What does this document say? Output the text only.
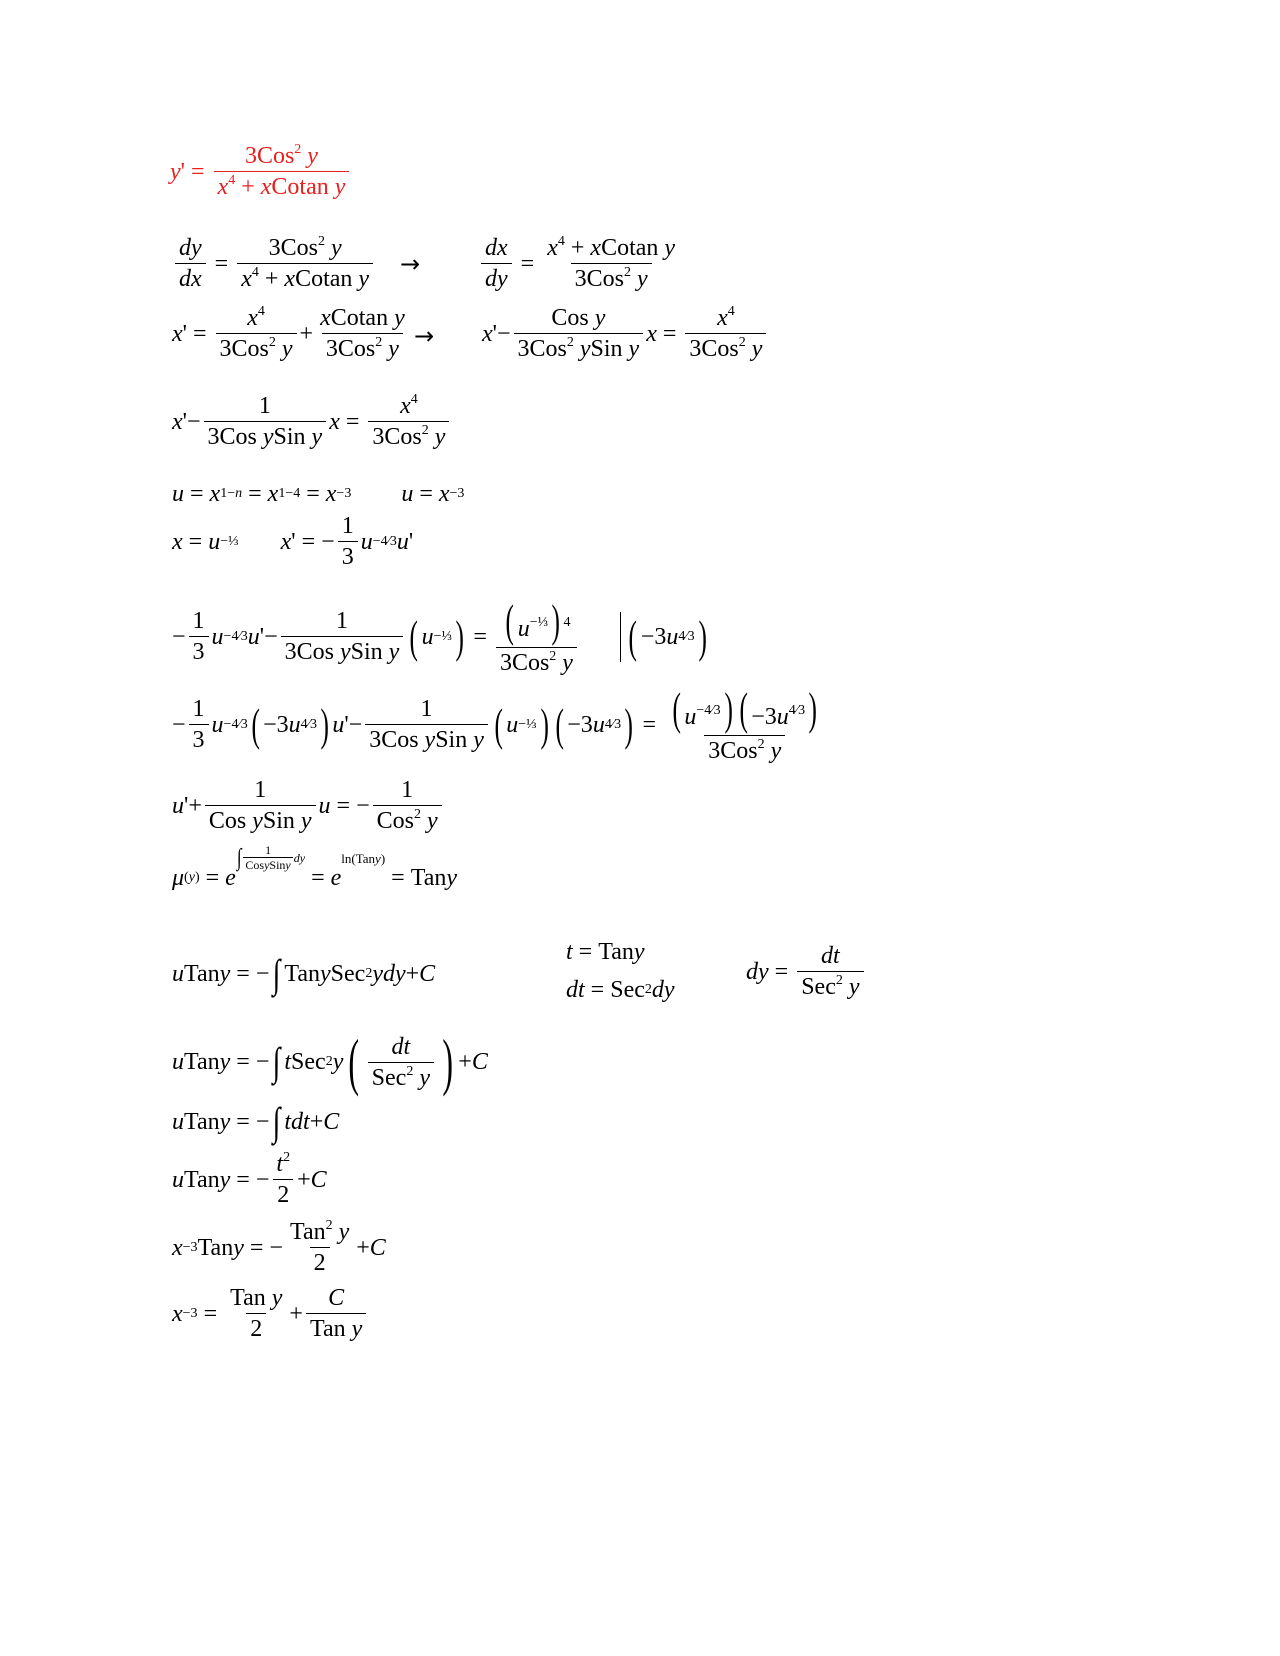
y ' = $\frac{3Cos^2 y}{x^4 + xCotan y}$
$\frac{dy}{dx} = \frac{3Cos^2 y}{x^4 + xCotan y}$ →	$\frac{dx}{dy} = \frac{x^4 + xCotan y}{3Cos^2 y}$
x ' = $\frac{x^4}{3Cos^2 y} + \frac{\text{xCotan y}}{3Cos^2 y} \to x$ '− $\frac{\text{Cos y}}{3Cos^2 ySin y}$ $x = \frac{x^4}{3Cos^2 y}$
x '− $\frac{1}{\text{3Cos ySin y}}$ $x = \frac{x^4}{3Cos^2 y}$
u = x 1−n = x 1−4 = x −3 u = x −3
x = u −⅓ x ' = − $\frac{1}{3}$ u −4⁄3 u '
− $\frac{1}{3}$ u −4⁄3 u '− $\frac{1}{\text{3Cos ySin y}}$ ( u −⅓ ) = $\frac{( u^{-\frac{1}{3}}) ^4}{3Cos^2 y}$ ( −3 u 4⁄3 )
− $\frac{1}{3}$ u −4⁄3 ( −3 u 4⁄3 ) u '− $\frac{1}{\text{3Cos ySin y}}$ ( u −⅓ ) ( −3 u 4⁄3 ) = $\frac{( u^{-4⁄3}) ( -3u^{4⁄3})}{3Cos^2 y}$
u '+ $\frac{1}{\text{Cos ySin y}}$ u = − $\frac{1}{Cos^2 y}$
μ (y) = e
∫ $\frac{1}{\text{CosySiny}}$ dy
= e
ln(Tany)
= Tan y
u Tan y = − ∫ Tan y Sec 2 ydy + C
t = Tan y
dt = Sec 2 dy
dy = $\frac{dt}{Sec^2 y}$
u Tan y = − ∫ t Sec 2 y ( $\frac{dt}{Sec^2 y}$ ) + C
u Tan y = − ∫ tdt + C
u Tan y = − $\frac{t^2}{2} + C$
x −3 Tan y = − $\frac{Tan^2 y}{2} + C$
$x -3 = \frac{\text{Tan y}}{2} + \frac{C}{\text{Tan y}}$
